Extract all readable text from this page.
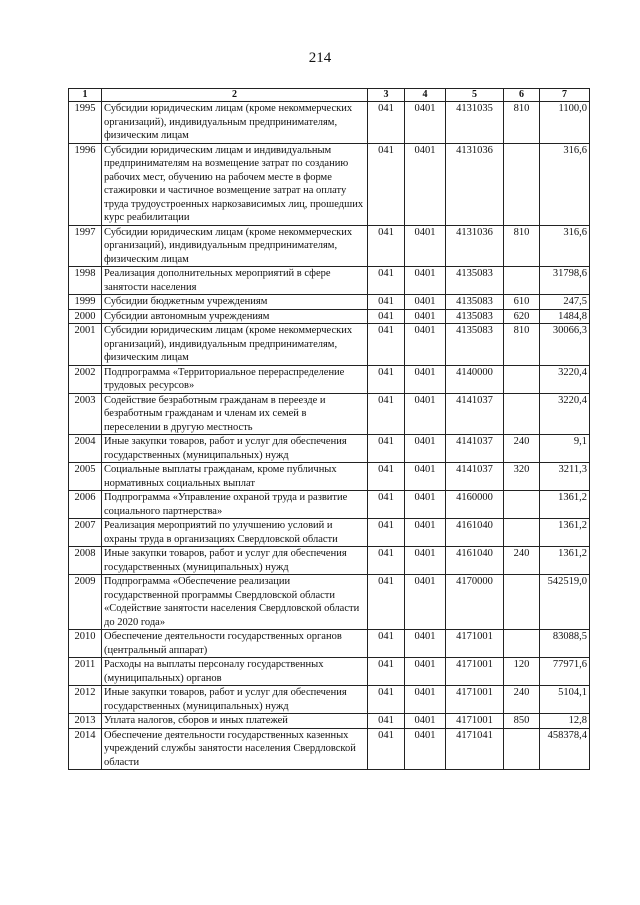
214
1	2	3	4	5	6	7
1995	Субсидии юридическим лицам (кроме некоммерческих организаций), индивидуальным предпринимателям, физическим лицам	041	0401	4131035	810	1100,0
1996	Субсидии юридическим лицам и индивидуальным предпринимателям на возмещение затрат по созданию рабочих мест, обучению на рабочем месте в форме стажировки и частичное возмещение затрат на оплату труда трудоустроенных наркозависимых лиц, прошедших курс реабилитации	041	0401	4131036		316,6
1997	Субсидии юридическим лицам (кроме некоммерческих организаций), индивидуальным предпринимателям, физическим лицам	041	0401	4131036	810	316,6
1998	Реализация дополнительных мероприятий в сфере занятости населения	041	0401	4135083		31798,6
1999	Субсидии бюджетным учреждениям	041	0401	4135083	610	247,5
2000	Субсидии автономным учреждениям	041	0401	4135083	620	1484,8
2001	Субсидии юридическим лицам (кроме некоммерческих организаций), индивидуальным предпринимателям, физическим лицам	041	0401	4135083	810	30066,3
2002	Подпрограмма «Территориальное перераспределение трудовых ресурсов»	041	0401	4140000		3220,4
2003	Содействие безработным гражданам в переезде и безработным гражданам и членам их семей в переселении в другую местность	041	0401	4141037		3220,4
2004	Иные закупки товаров, работ и услуг для обеспечения государственных (муниципальных) нужд	041	0401	4141037	240	9,1
2005	Социальные выплаты гражданам, кроме публичных нормативных социальных выплат	041	0401	4141037	320	3211,3
2006	Подпрограмма «Управление охраной труда и развитие социального партнерства»	041	0401	4160000		1361,2
2007	Реализация мероприятий по улучшению условий и охраны труда в организациях Свердловской области	041	0401	4161040		1361,2
2008	Иные закупки товаров, работ и услуг для обеспечения государственных (муниципальных) нужд	041	0401	4161040	240	1361,2
2009	Подпрограмма «Обеспечение реализации государственной программы Свердловской области «Содействие занятости населения Свердловской области до 2020 года»	041	0401	4170000		542519,0
2010	Обеспечение деятельности государственных органов (центральный аппарат)	041	0401	4171001		83088,5
2011	Расходы на выплаты персоналу государственных (муниципальных) органов	041	0401	4171001	120	77971,6
2012	Иные закупки товаров, работ и услуг для обеспечения государственных (муниципальных) нужд	041	0401	4171001	240	5104,1
2013	Уплата налогов, сборов и иных платежей	041	0401	4171001	850	12,8
2014	Обеспечение деятельности государственных казенных учреждений службы занятости населения Свердловской области	041	0401	4171041		458378,4
